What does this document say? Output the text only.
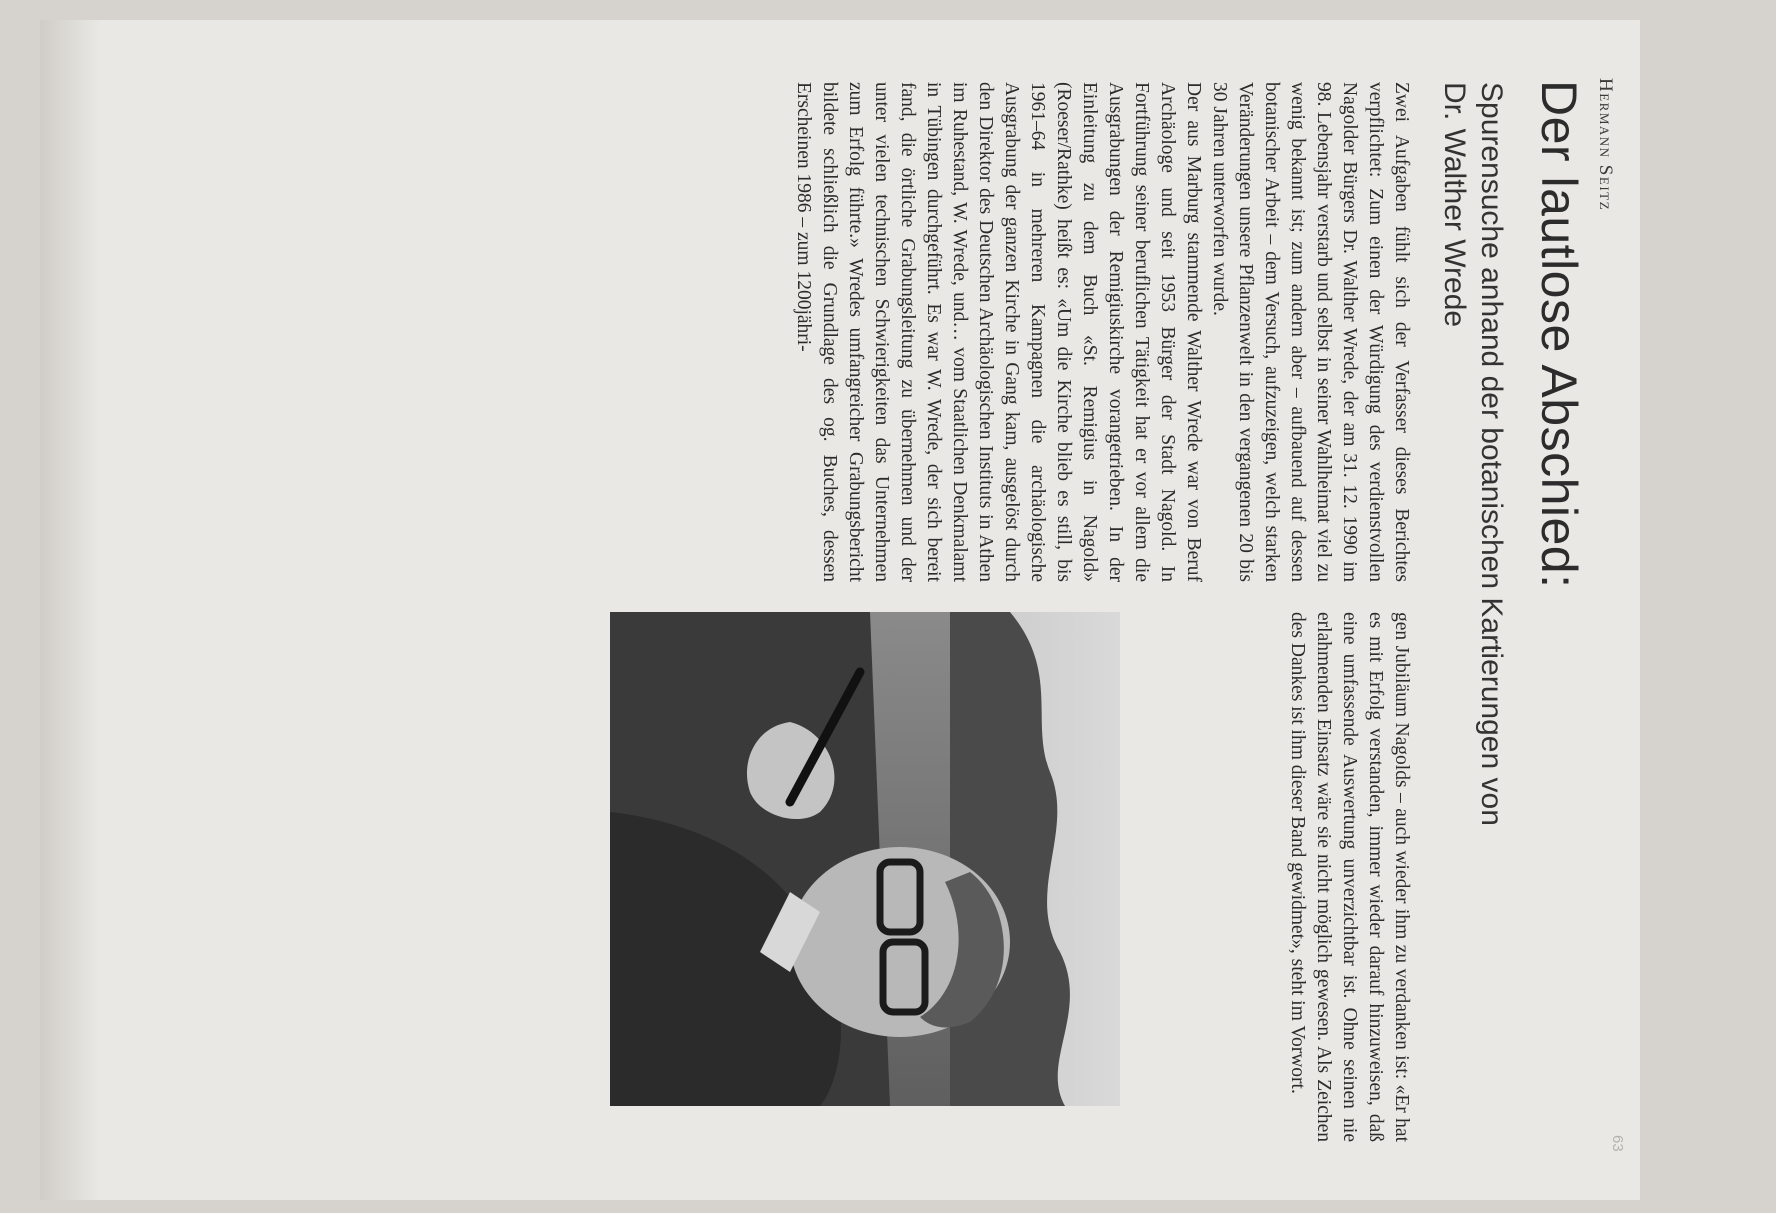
Hermann Seitz
Der lautlose Abschied:
Spurensuche anhand der botanischen Kartierungen von Dr. Walther Wrede

Zwei Aufgaben fühlt sich der Verfasser dieses Berichtes verpflichtet: Zum einen der Würdigung des verdienstvollen Nagolder Bürgers Dr. Walther Wrede, der am 31. 12. 1990 im 98. Lebensjahr verstarb und selbst in seiner Wahlheimat viel zu wenig bekannt ist; zum andern aber – aufbauend auf dessen botanischer Arbeit – dem Versuch, aufzuzeigen, welch starken Veränderungen unsere Pflanzenwelt in den vergangenen 20 bis 30 Jahren unterworfen wurde.

Der aus Marburg stammende Walther Wrede war von Beruf Archäologe und seit 1953 Bürger der Stadt Nagold. In Fortführung seiner beruflichen Tätigkeit hat er vor allem die Ausgrabungen der Remigiuskirche vorangetrieben. In der Einleitung zu dem Buch «St. Remigius in Nagold» (Roeser/Rathke) heißt es: «Um die Kirche blieb es still, bis 1961–64 in mehreren Kampagnen die archäologische Ausgrabung der ganzen Kirche in Gang kam, ausgelöst durch den Direktor des Deutschen Archäologischen Instituts in Athen im Ruhestand, W. Wrede, und… vom Staatlichen Denkmalamt in Tübingen durchgeführt. Es war W. Wrede, der sich bereit fand, die örtliche Grabungsleitung zu übernehmen und der unter vielen technischen Schwierigkeiten das Unternehmen zum Erfolg führte.» Wredes umfangreicher Grabungsbericht bildete schließlich die Grundlage des og. Buches, dessen Erscheinen 1986 – zum 1200jähri-

gen Jubiläum Nagolds – auch wieder ihm zu verdanken ist: «Er hat es mit Erfolg verstanden, immer wieder darauf hinzuweisen, daß eine umfassende Auswertung unverzichtbar ist. Ohne seinen nie erlahmenden Einsatz wäre sie nicht möglich gewesen. Als Zeichen des Dankes ist ihm dieser Band gewidmet», steht im Vorwort.

63
